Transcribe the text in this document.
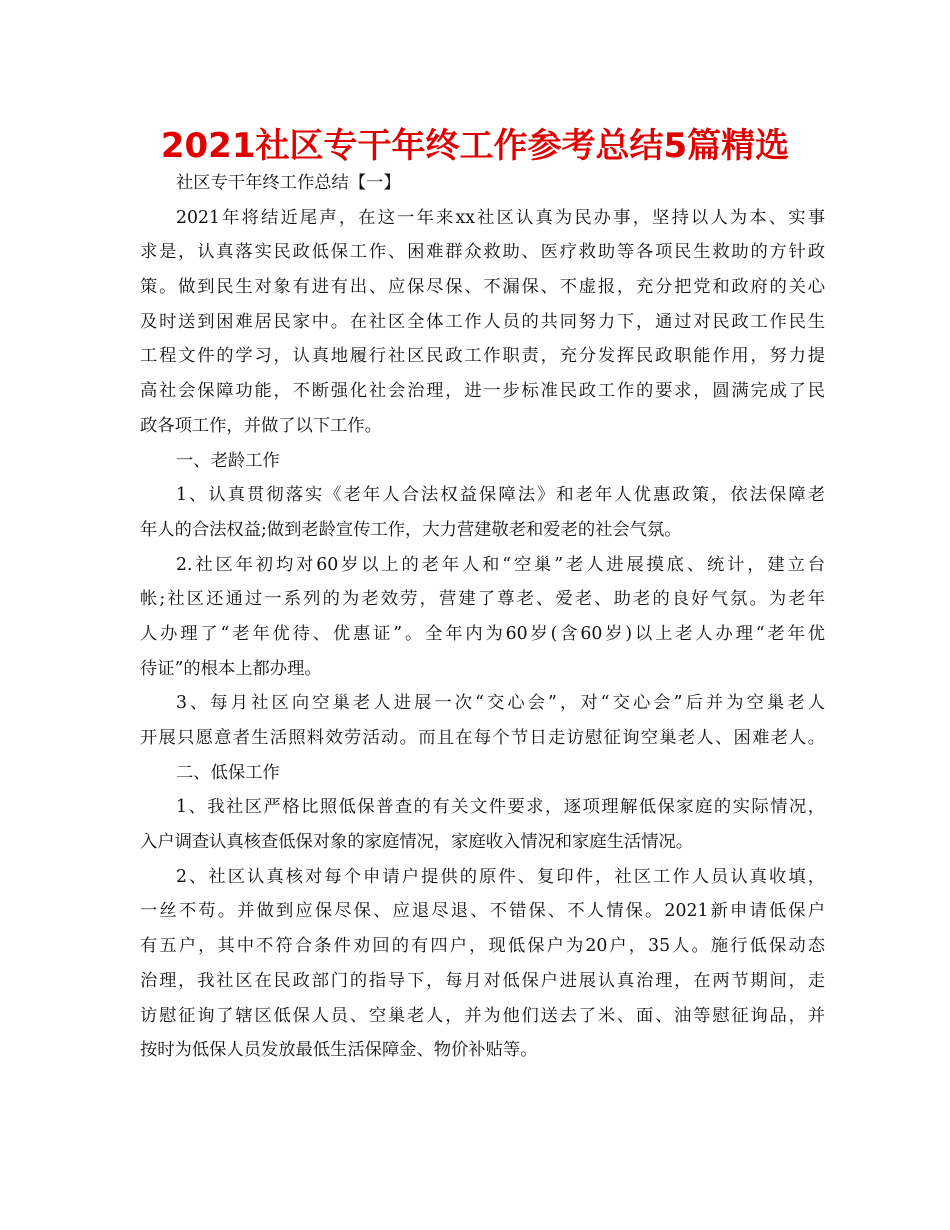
2021社区专干年终工作参考总结5篇精选
社区专干年终工作总结【一】
2021年将结近尾声，在这一年来xx社区认真为民办事，坚持以人为本、实事
求是，认真落实民政低保工作、困难群众救助、医疗救助等各项民生救助的方针政
策。做到民生对象有进有出、应保尽保、不漏保、不虚报，充分把党和政府的关心
及时送到困难居民家中。在社区全体工作人员的共同努力下，通过对民政工作民生
工程文件的学习，认真地履行社区民政工作职责，充分发挥民政职能作用，努力提
高社会保障功能，不断强化社会治理，进一步标准民政工作的要求，圆满完成了民
政各项工作，并做了以下工作。
一、老龄工作
1、认真贯彻落实《老年人合法权益保障法》和老年人优惠政策，依法保障老
年人的合法权益;做到老龄宣传工作，大力营建敬老和爱老的社会气氛。
2.社区年初均对60岁以上的老年人和“空巢”老人进展摸底、统计，建立台
帐;社区还通过一系列的为老效劳，营建了尊老、爱老、助老的良好气氛。为老年
人办理了“老年优待、优惠证”。全年内为60岁(含60岁)以上老人办理“老年优
待证”的根本上都办理。
3、每月社区向空巢老人进展一次“交心会”，对“交心会”后并为空巢老人
开展只愿意者生活照料效劳活动。而且在每个节日走访慰征询空巢老人、困难老人。
二、低保工作
1、我社区严格比照低保普查的有关文件要求，逐项理解低保家庭的实际情况，
入户调查认真核查低保对象的家庭情况，家庭收入情况和家庭生活情况。
2、社区认真核对每个申请户提供的原件、复印件，社区工作人员认真收填，
一丝不苟。并做到应保尽保、应退尽退、不错保、不人情保。2021新申请低保户
有五户，其中不符合条件劝回的有四户，现低保户为20户，35人。施行低保动态
治理，我社区在民政部门的指导下，每月对低保户进展认真治理，在两节期间，走
访慰征询了辖区低保人员、空巢老人，并为他们送去了米、面、油等慰征询品，并
按时为低保人员发放最低生活保障金、物价补贴等。
